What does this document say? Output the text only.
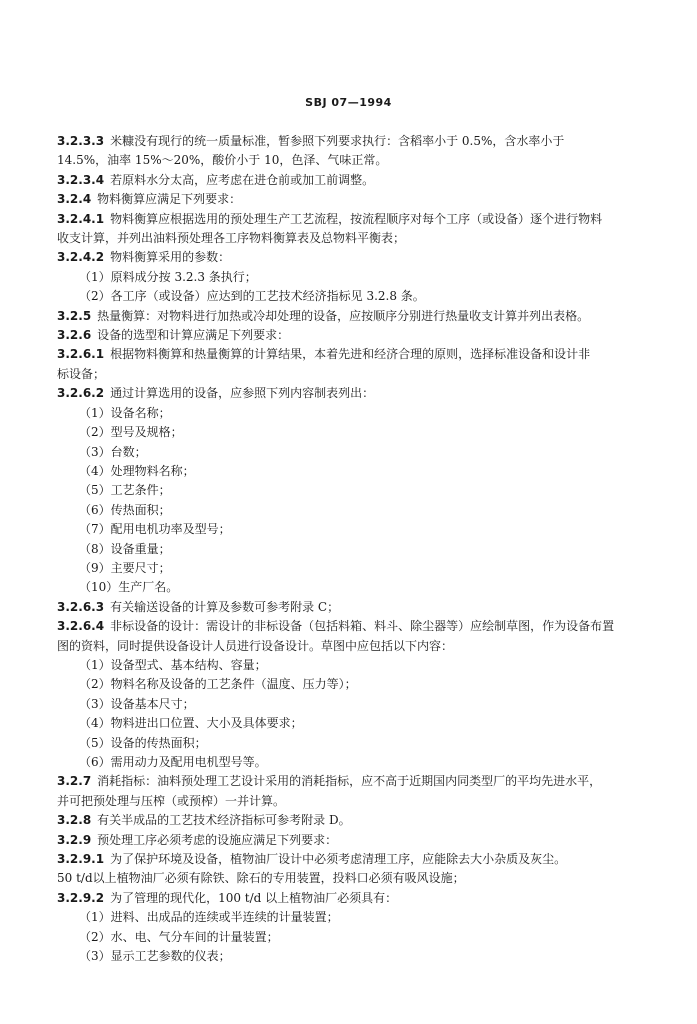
SBJ 07—1994
3.2.3.3 米糠没有现行的统一质量标准，暂参照下列要求执行：含稻率小于 0.5%，含水率小于
14.5%，油率 15%～20%，酸价小于 10，色泽、气味正常。
3.2.3.4 若原料水分太高，应考虑在进仓前或加工前调整。
3.2.4 物料衡算应满足下列要求：
3.2.4.1 物料衡算应根据选用的预处理生产工艺流程，按流程顺序对每个工序（或设备）逐个进行物料
收支计算，并列出油料预处理各工序物料衡算表及总物料平衡表；
3.2.4.2 物料衡算采用的参数：
（1）原料成分按 3.2.3 条执行；
（2）各工序（或设备）应达到的工艺技术经济指标见 3.2.8 条。
3.2.5 热量衡算：对物料进行加热或冷却处理的设备，应按顺序分别进行热量收支计算并列出表格。
3.2.6 设备的选型和计算应满足下列要求：
3.2.6.1 根据物料衡算和热量衡算的计算结果，本着先进和经济合理的原则，选择标准设备和设计非
标设备；
3.2.6.2 通过计算选用的设备，应参照下列内容制表列出：
（1）设备名称；
（2）型号及规格；
（3）台数；
（4）处理物料名称；
（5）工艺条件；
（6）传热面积；
（7）配用电机功率及型号；
（8）设备重量；
（9）主要尺寸；
（10）生产厂名。
3.2.6.3 有关输送设备的计算及参数可参考附录 C；
3.2.6.4 非标设备的设计：需设计的非标设备（包括料箱、料斗、除尘器等）应绘制草图，作为设备布置
图的资料，同时提供设备设计人员进行设备设计。草图中应包括以下内容：
（1）设备型式、基本结构、容量；
（2）物料名称及设备的工艺条件（温度、压力等）；
（3）设备基本尺寸；
（4）物料进出口位置、大小及具体要求；
（5）设备的传热面积；
（6）需用动力及配用电机型号等。
3.2.7 消耗指标：油料预处理工艺设计采用的消耗指标，应不高于近期国内同类型厂的平均先进水平，
并可把预处理与压榨（或预榨）一并计算。
3.2.8 有关半成品的工艺技术经济指标可参考附录 D。
3.2.9 预处理工序必须考虑的设施应满足下列要求：
3.2.9.1 为了保护环境及设备，植物油厂设计中必须考虑清理工序，应能除去大小杂质及灰尘。
50 t/d以上植物油厂必须有除铁、除石的专用装置，投料口必须有吸风设施；
3.2.9.2 为了管理的现代化，100 t/d 以上植物油厂必须具有：
（1）进料、出成品的连续或半连续的计量装置；
（2）水、电、气分车间的计量装置；
（3）显示工艺参数的仪表；
